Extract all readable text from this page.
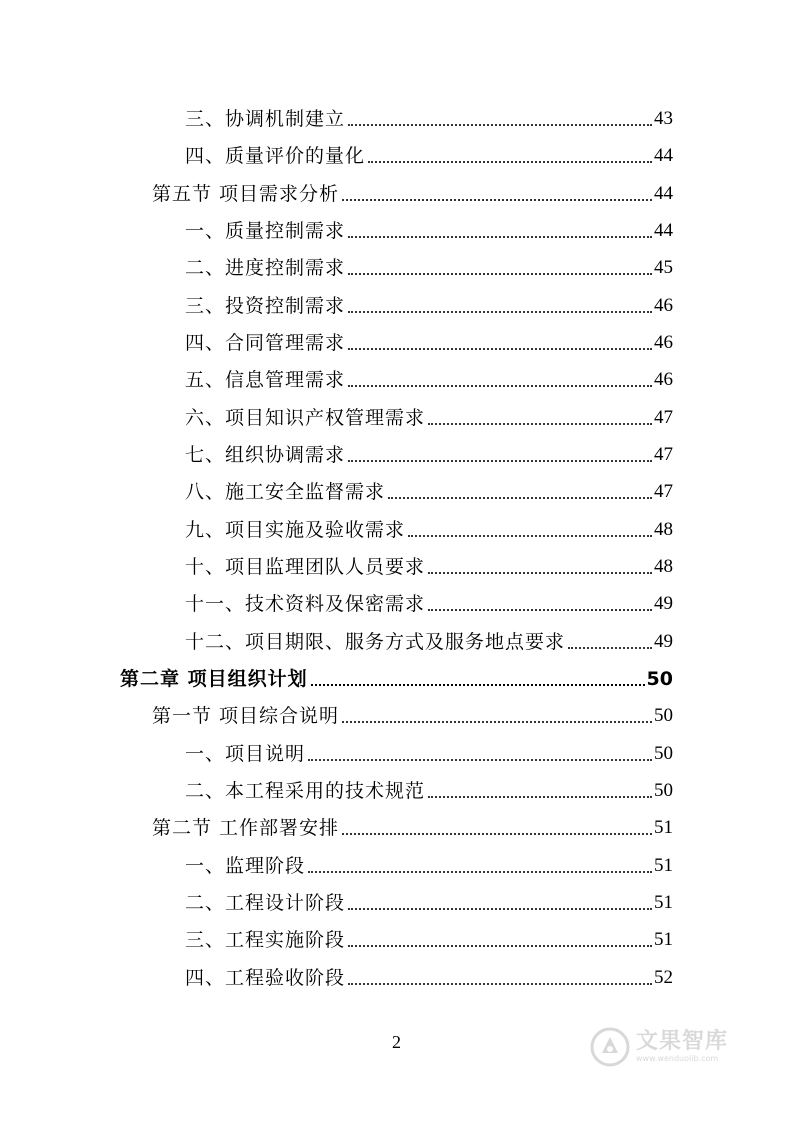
三、协调机制建立	43
四、质量评价的量化	44
第五节 项目需求分析	44
一、质量控制需求	44
二、进度控制需求	45
三、投资控制需求	46
四、合同管理需求	46
五、信息管理需求	46
六、项目知识产权管理需求	47
七、组织协调需求	47
八、施工安全监督需求	47
九、项目实施及验收需求	48
十、项目监理团队人员要求	48
十一、技术资料及保密需求	49
十二、项目期限、服务方式及服务地点要求	49
第二章 项目组织计划	50
第一节 项目综合说明	50
一、项目说明	50
二、本工程采用的技术规范	50
第二节 工作部署安排	51
一、监理阶段	51
二、工程设计阶段	51
三、工程实施阶段	51
四、工程验收阶段	52
2	文果智库
www.wenduolib.com
